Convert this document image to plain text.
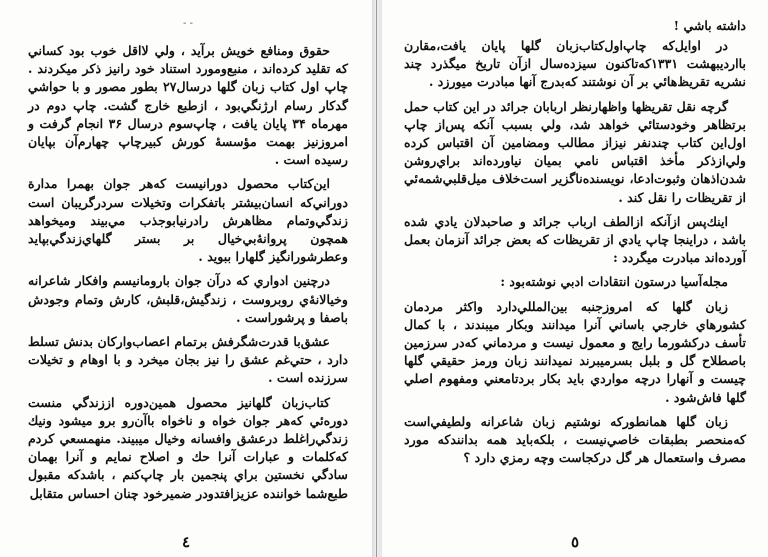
- -

حقوق ومنافع خويش برآيد ، ولي لااقل خوب بود كساني كه تقليد كرده‌اند ، منبع‌ومورد استناد خود رانيز ذكر ميكردند . چاپ اول كتاب زبان گلها درسال۲۷ بطور مصور و با حواشي گدكار رسام ارژنگي‌بود ، ازطبع خارج گشت. چاپ دوم در مهرماه ۳۴ پايان يافت ، چاپ‌سوم درسال ۳۶ انجام گرفت و امروزنيز بهمت مؤسسهٔ كورش كبيرچاپ چهارم‌آن بپايان رسيده است .

اين‌كتاب محصول دورانيست كه‌هر جوان بهمرا مدارة دوراني‌كه انسان‌بيشتر باتفكرات وتخيلات سردرگريبان است زندگي‌وتمام مظاهرش رادرنيا‌بوجذب مي‌بيند وميخواهد همچون پروانهٔ‌بي‌خيال بر بستر گلهاي‌زندگي‌بپايد وعطرشورانگيز گلهارا ببويد .

درچنين ادواري كه درآن جوان باروما‌نيسم وافكار شاعرانه وخيالانهٔ‌ي روبروست ، زندگيش،قلبش، كارش وتمام وجودش باصفا و پرشوراست .

عشق‌با قدرت‌شگرفش بر‌تمام اعصاب‌واركان بدنش تسلط دارد ، حتي‌غم عشق را نيز بجان ميخرد و با اوهام و تخيلات سرزنده است .

كتاب‌زبان گلهانيز محصول همين‌دوره اززندگي منست دوره‌ئي كه‌هر جوان خواه و ناخواه باآن‌رو برو ميشود ونيك زندگي‌راغلط درعشق وافسانه وخيال ميبيند. منهمسعي كردم كه‌كلمات و عبارات آنرا حك و اصلاح نمايم و آنرا بهمان سادگي نخستين براي پنجمين بار چاپ‌كنم ، باشدكه مقبول طبع‌شما خواننده عزيزافتدودر ضميرخود چنان احساس متقابل

٤
داشته باشي !

در اوايل‌كه چاپ‌اول‌كتاب‌زبان گلها پايان يافت،مقارن بااردیبهشت ۱۳۳۱كه‌تاكنون سيزده‌سال ازآن تاريخ ميگذرد چند نشريه تقريظ‌هائي بر آن نوشتند كه‌بدرج آنها مبادرت ميورزد .

گرچه نقل تقريظها واظهارنظر اربابان جرائد در اين كتاب حمل برتظاهر وخودستائي خواهد شد، ولي بسبب آنكه پس‌از چاپ اول‌اين كتاب چندنفر نيزاز مطالب ومضامين آن اقتباس كرده ولي‌ازذكر مأخذ اقتباس نامي بميان نياورده‌اند براي‌روشن شدن‌اذهان وثبوت‌ادعا، نويسنده‌ناگزير است‌خلاف ميل‌قلبي‌شمه‌ئي از تقريظات را نقل كند .

اينك‌پس ازآنكه ازالطف ارباب جرائد و صاحبدلان يادي شده باشد ، دراينجا چاپ يادي از تقريظات كه بعض جرائد آنزمان بعمل آورده‌اند مبادرت ميگردد :

مجله‌آسيا درستون انتقادات ادبي نوشته‌بود :

زبان گلها كه امروزجنبه بين‌المللي‌دارد واكثر مردمان كشورهاي خارجي باساني آنرا ميدانند وبكار ميبندند ، با كمال تأسف دركشورما رايج و معمول نيست و مردماني كه‌در سرزمين باصطلاح گل و بلبل بسرميبرند نميدانند زبان ورمز حقيقي گلها چيست و آنهارا درچه مواردي بايد بكار بردتامعني ومفهوم اصلي گلها فاش‌شود .

زبان گلها همانطوركه نوشتيم زبان شاعرانه ولطيفي‌است كه‌منحصر بطبقات خاصي‌نيست ، بلكه‌بايد همه بدانندكه مورد مصرف واستعمال هر گل دركجاست وچه رمزي دارد ؟

٥
